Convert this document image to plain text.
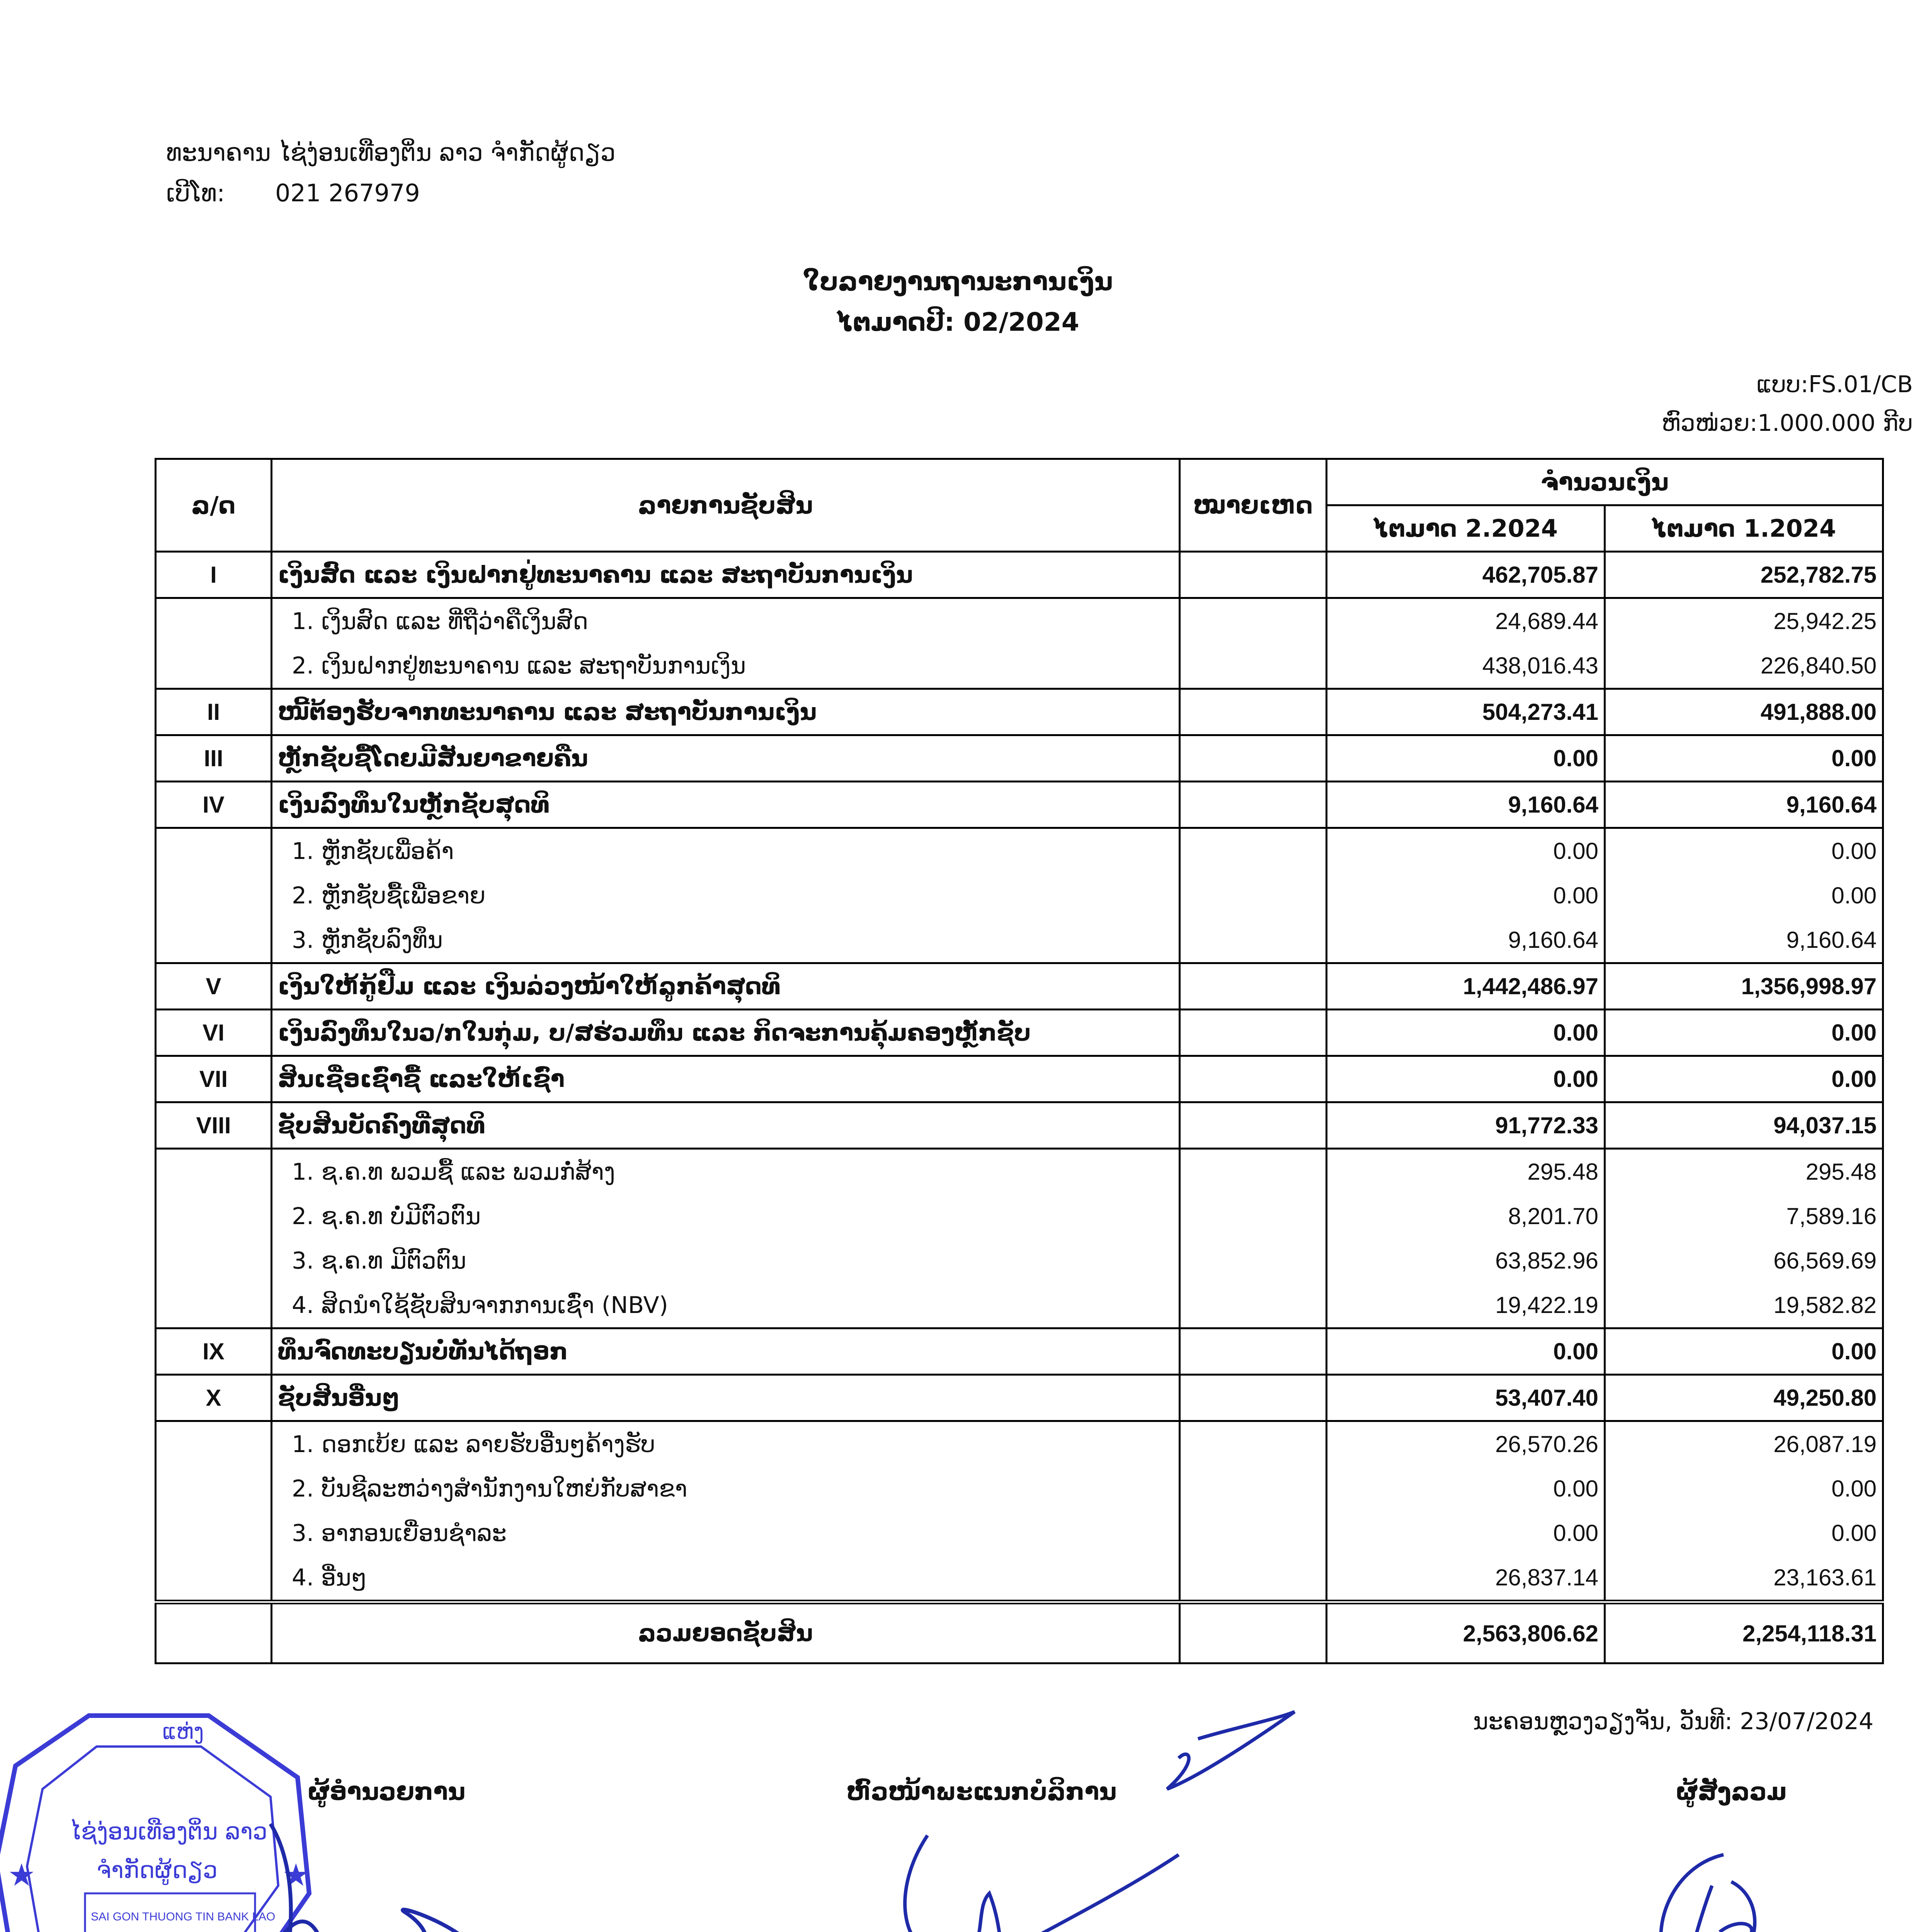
ທະນາຄານ ໄຊ່ງ່ອນເທືອງຕິ່ນ ລາວ ຈຳກັດຜູ້ດຽວ
ເບີໂທ: 021 267979
ໃບລາຍງານຖານະການເງິນ
ໄຕມາດປີ: 02/2024
ແບບ:FS.01/CB
ຫົວໜ່ວຍ:1.000.000 ກີບ
ລ/ດ	ລາຍການຊັບສິນ	ໝາຍເຫດ	ຈຳນວນເງິນ	
			ໄຕມາດ 2.2024	ໄຕມາດ 1.2024
I	ເງິນສົດ ແລະ ເງິນຝາກຢູ່ທະນາຄານ ແລະ ສະຖາບັນການເງິນ		462,705.87	252,782.75
	1. ເງິນສົດ ແລະ ທີ່ຖືວ່າຄືເງິນສົດ		24,689.44	25,942.25
	2. ເງິນຝາກຢູ່ທະນາຄານ ແລະ ສະຖາບັນການເງິນ		438,016.43	226,840.50
II	ໜີ້ຕ້ອງຮັບຈາກທະນາຄານ ແລະ ສະຖາບັນການເງິນ		504,273.41	491,888.00
III	ຫຼັກຊັບຊື້ໂດຍມີສັນຍາຂາຍຄືນ		0.00	0.00
IV	ເງິນລົງທຶນໃນຫຼັກຊັບສຸດທິ		9,160.64	9,160.64
	1. ຫຼັກຊັບເພື່ອຄ້າ		0.00	0.00
	2. ຫຼັກຊັບຊື້ເພື່ອຂາຍ		0.00	0.00
	3. ຫຼັກຊັບລົງທຶນ		9,160.64	9,160.64
V	ເງິນໃຫ້ກູ້ຢືມ ແລະ ເງິນລ່ວງໜ້າໃຫ້ລູກຄ້າສຸດທິ		1,442,486.97	1,356,998.97
VI	ເງິນລົງທຶນໃນວ/ກໃນກຸ່ມ, ບ/ສຮ່ວມທຶນ ແລະ ກິດຈະການຄຸ້ມຄອງຫຼັກຊັບ		0.00	0.00
VII	ສິນເຊື່ອເຊົ່າຊື້ ແລະໃຫ້ເຊົ່າ		0.00	0.00
VIII	ຊັບສິນບັດຄົງທີ່ສຸດທິ		91,772.33	94,037.15
	1. ຊ.ຄ.ທ ພວມຊື້ ແລະ ພວມກໍ່ສ້າງ		295.48	295.48
	2. ຊ.ຄ.ທ ບໍ່ມີຕົວຕົນ		8,201.70	7,589.16
	3. ຊ.ຄ.ທ ມີຕົວຕົນ		63,852.96	66,569.69
	4. ສິດນຳໃຊ້ຊັບສິນຈາກການເຊົ່າ (NBV)		19,422.19	19,582.82
IX	ທຶນຈົດທະບຽນບໍ່ທັນໄດ້ຖອກ		0.00	0.00
X	ຊັບສິນອື່ນໆ		53,407.40	49,250.80
	1. ດອກເບ້ຍ ແລະ ລາຍຮັບອື່ນໆຄ້າງຮັບ		26,570.26	26,087.19
	2. ບັນຊີລະຫວ່າງສຳນັກງານໃຫຍ່ກັບສາຂາ		0.00	0.00
	3. ອາກອນເຍື່ອນຊຳລະ		0.00	0.00
	4. ອື່ນໆ		26,837.14	23,163.61
	ລວມຍອດຊັບສິນ		2,563,806.62	2,254,118.31
ນະຄອນຫຼວງວຽງຈັນ, ວັນທີ: 23/07/2024
ຜູ້ອຳນວຍການ	ຫົວໜ້າພະແນກບໍລິການ	ຜູ້ສັງລວມ
ແຫ່ງ
ໄຊ່ງ່ອນເທືອງຕິ່ນ ລາວ
ຈຳກັດຜູ້ດຽວ
SAI GON THUONG TIN BANK LAO
★	★
